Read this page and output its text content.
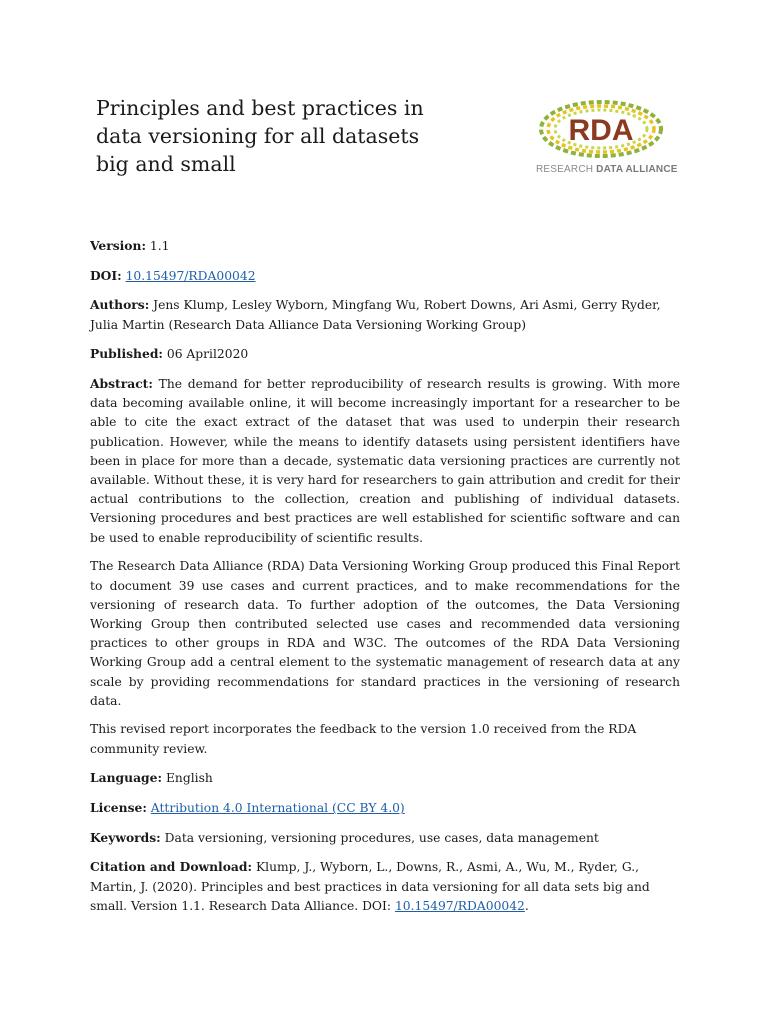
Principles and best practices in data versioning for all datasets big and small
RDA
RESEARCH DATA ALLIANCE

Version: 1.1

DOI: 10.15497/RDA00042

Authors: Jens Klump, Lesley Wyborn, Mingfang Wu, Robert Downs, Ari Asmi, Gerry Ryder, Julia Martin (Research Data Alliance Data Versioning Working Group)

Published: 06 April2020

Abstract: The demand for better reproducibility of research results is growing. With more data becoming available online, it will become increasingly important for a researcher to be able to cite the exact extract of the dataset that was used to underpin their research publication. However, while the means to identify datasets using persistent identifiers have been in place for more than a decade, systematic data versioning practices are currently not available. Without these, it is very hard for researchers to gain attribution and credit for their actual contributions to the collection, creation and publishing of individual datasets. Versioning procedures and best practices are well established for scientific software and can be used to enable reproducibility of scientific results.

The Research Data Alliance (RDA) Data Versioning Working Group produced this Final Report to document 39 use cases and current practices, and to make recommendations for the versioning of research data. To further adoption of the outcomes, the Data Versioning Working Group then contributed selected use cases and recommended data versioning practices to other groups in RDA and W3C. The outcomes of the RDA Data Versioning Working Group add a central element to the systematic management of research data at any scale by providing recommendations for standard practices in the versioning of research data.

This revised report incorporates the feedback to the version 1.0 received from the RDA community review.

Language: English

License: Attribution 4.0 International (CC BY 4.0)

Keywords: Data versioning, versioning procedures, use cases, data management

Citation and Download: Klump, J., Wyborn, L., Downs, R., Asmi, A., Wu, M., Ryder, G., Martin, J. (2020). Principles and best practices in data versioning for all data sets big and small. Version 1.1. Research Data Alliance. DOI: 10.15497/RDA00042.
